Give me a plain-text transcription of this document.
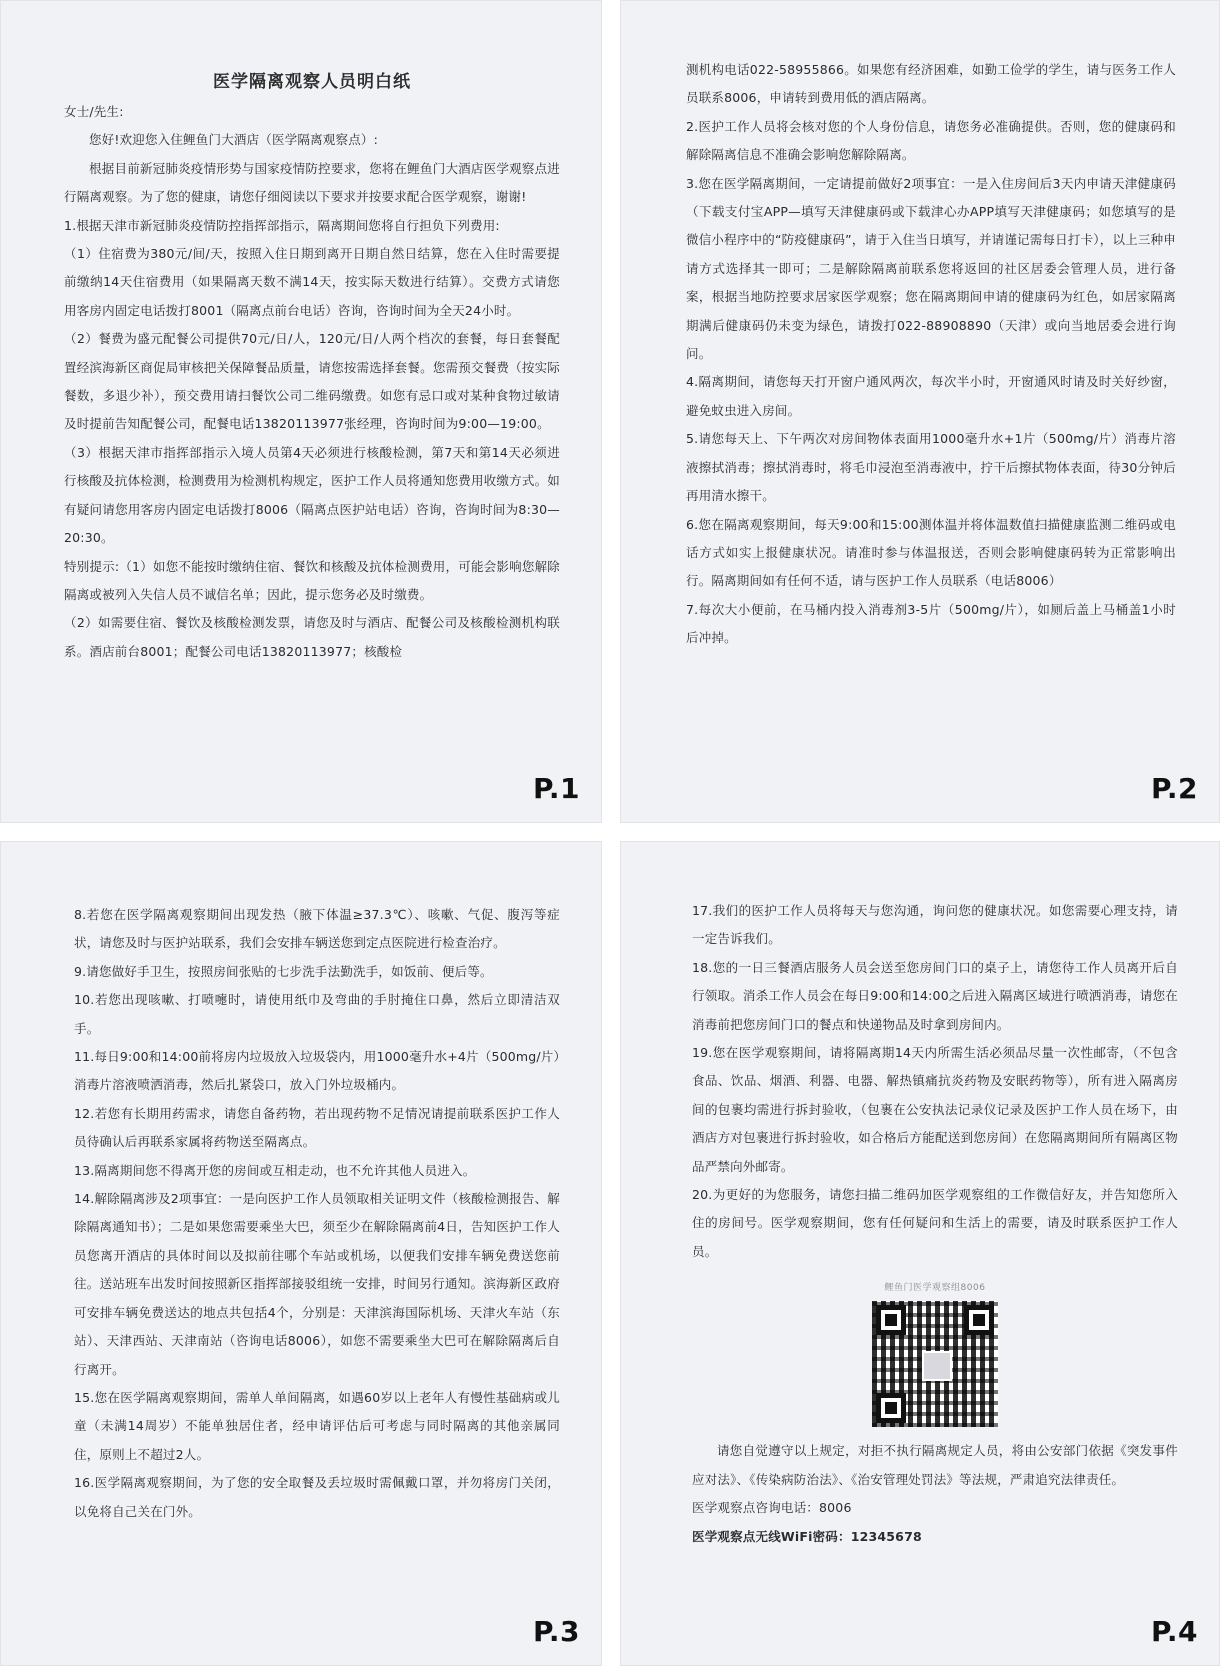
医学隔离观察人员明白纸

女士/先生:

您好!欢迎您入住鲤鱼门大酒店（医学隔离观察点）:

根据目前新冠肺炎疫情形势与国家疫情防控要求，您将在鲤鱼门大酒店医学观察点进行隔离观察。为了您的健康，请您仔细阅读以下要求并按要求配合医学观察，谢谢!

1.根据天津市新冠肺炎疫情防控指挥部指示，隔离期间您将自行担负下列费用:

（1）住宿费为380元/间/天，按照入住日期到离开日期自然日结算，您在入住时需要提前缴纳14天住宿费用（如果隔离天数不满14天，按实际天数进行结算）。交费方式请您用客房内固定电话拨打8001（隔离点前台电话）咨询，咨询时间为全天24小时。

（2）餐费为盛元配餐公司提供70元/日/人，120元/日/人两个档次的套餐，每日套餐配置经滨海新区商促局审核把关保障餐品质量，请您按需选择套餐。您需预交餐费（按实际餐数，多退少补），预交费用请扫餐饮公司二维码缴费。如您有忌口或对某种食物过敏请及时提前告知配餐公司，配餐电话13820113977张经理，咨询时间为9:00—19:00。

（3）根据天津市指挥部指示入境人员第4天必须进行核酸检测，第7天和第14天必须进行核酸及抗体检测，检测费用为检测机构规定，医护工作人员将通知您费用收缴方式。如有疑问请您用客房内固定电话拨打8006（隔离点医护站电话）咨询，咨询时间为8:30—20:30。

特别提示:（1）如您不能按时缴纳住宿、餐饮和核酸及抗体检测费用，可能会影响您解除隔离或被列入失信人员不诚信名单；因此，提示您务必及时缴费。

（2）如需要住宿、餐饮及核酸检测发票，请您及时与酒店、配餐公司及核酸检测机构联系。酒店前台8001；配餐公司电话13820113977；核酸检

P.1

测机构电话022-58955866。如果您有经济困难，如勤工俭学的学生，请与医务工作人员联系8006，申请转到费用低的酒店隔离。

2.医护工作人员将会核对您的个人身份信息，请您务必准确提供。否则，您的健康码和解除隔离信息不准确会影响您解除隔离。

3.您在医学隔离期间，一定请提前做好2项事宜：一是入住房间后3天内申请天津健康码（下载支付宝APP—填写天津健康码或下载津心办APP填写天津健康码；如您填写的是微信小程序中的“防疫健康码”，请于入住当日填写，并请谨记需每日打卡），以上三种申请方式选择其一即可；二是解除隔离前联系您将返回的社区居委会管理人员，进行备案，根据当地防控要求居家医学观察；您在隔离期间申请的健康码为红色，如居家隔离期满后健康码仍未变为绿色，请拨打022-88908890（天津）或向当地居委会进行询问。

4.隔离期间，请您每天打开窗户通风两次，每次半小时，开窗通风时请及时关好纱窗，避免蚊虫进入房间。

5.请您每天上、下午两次对房间物体表面用1000毫升水+1片（500mg/片）消毒片溶液擦拭消毒；擦拭消毒时，将毛巾浸泡至消毒液中，拧干后擦拭物体表面，待30分钟后再用清水擦干。

6.您在隔离观察期间，每天9:00和15:00测体温并将体温数值扫描健康监测二维码或电话方式如实上报健康状况。请准时参与体温报送，否则会影响健康码转为正常影响出行。隔离期间如有任何不适，请与医护工作人员联系（电话8006）

7.每次大小便前，在马桶内投入消毒剂3-5片（500mg/片），如厕后盖上马桶盖1小时后冲掉。

P.2

8.若您在医学隔离观察期间出现发热（腋下体温≥37.3℃）、咳嗽、气促、腹泻等症状，请您及时与医护站联系，我们会安排车辆送您到定点医院进行检查治疗。

9.请您做好手卫生，按照房间张贴的七步洗手法勤洗手，如饭前、便后等。

10.若您出现咳嗽、打喷嚏时，请使用纸巾及弯曲的手肘掩住口鼻，然后立即清洁双手。

11.每日9:00和14:00前将房内垃圾放入垃圾袋内，用1000毫升水+4片（500mg/片）消毒片溶液喷洒消毒，然后扎紧袋口，放入门外垃圾桶内。

12.若您有长期用药需求，请您自备药物，若出现药物不足情况请提前联系医护工作人员待确认后再联系家属将药物送至隔离点。

13.隔离期间您不得离开您的房间或互相走动，也不允许其他人员进入。

14.解除隔离涉及2项事宜：一是向医护工作人员领取相关证明文件（核酸检测报告、解除隔离通知书）；二是如果您需要乘坐大巴，须至少在解除隔离前4日，告知医护工作人员您离开酒店的具体时间以及拟前往哪个车站或机场，以便我们安排车辆免费送您前往。送站班车出发时间按照新区指挥部接驳组统一安排，时间另行通知。滨海新区政府可安排车辆免费送达的地点共包括4个，分别是：天津滨海国际机场、天津火车站（东站）、天津西站、天津南站（咨询电话8006），如您不需要乘坐大巴可在解除隔离后自行离开。

15.您在医学隔离观察期间，需单人单间隔离，如遇60岁以上老年人有慢性基础病或儿童（未满14周岁）不能单独居住者，经申请评估后可考虑与同时隔离的其他亲属同住，原则上不超过2人。

16.医学隔离观察期间，为了您的安全取餐及丢垃圾时需佩戴口罩，并勿将房门关闭，以免将自己关在门外。

P.3

17.我们的医护工作人员将每天与您沟通，询问您的健康状况。如您需要心理支持，请一定告诉我们。

18.您的一日三餐酒店服务人员会送至您房间门口的桌子上，请您待工作人员离开后自行领取。消杀工作人员会在每日9:00和14:00之后进入隔离区域进行喷洒消毒，请您在消毒前把您房间门口的餐点和快递物品及时拿到房间内。

19.您在医学观察期间，请将隔离期14天内所需生活必须品尽量一次性邮寄，（不包含食品、饮品、烟酒、利器、电器、解热镇痛抗炎药物及安眠药物等），所有进入隔离房间的包裹均需进行拆封验收，（包裹在公安执法记录仪记录及医护工作人员在场下，由酒店方对包裹进行拆封验收，如合格后方能配送到您房间）在您隔离期间所有隔离区物品严禁向外邮寄。

20.为更好的为您服务，请您扫描二维码加医学观察组的工作微信好友，并告知您所入住的房间号。医学观察期间，您有任何疑问和生活上的需要，请及时联系医护工作人员。

鲤鱼门医学观察组8006

请您自觉遵守以上规定，对拒不执行隔离规定人员，将由公安部门依据《突发事件应对法》、《传染病防治法》、《治安管理处罚法》等法规，严肃追究法律责任。

医学观察点咨询电话：8006

医学观察点无线WiFi密码：12345678

P.4
